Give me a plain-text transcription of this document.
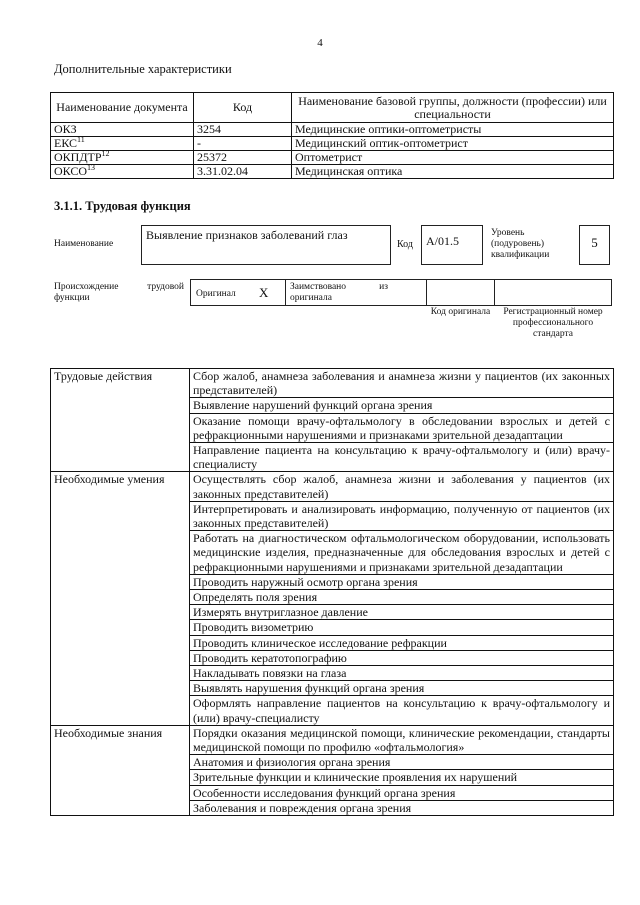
4
Дополнительные характеристики
Наименование документа	Код	Наименование базовой группы, должности (профессии) или специальности
ОКЗ	3254	Медицинские оптики-оптометристы
ЕКС$^{11}$	-	Медицинский оптик-оптометрист
ОКПДТР$^{12}$	25372	Оптометрист
ОКСО$^{13}$	3.31.02.04	Медицинская оптика
3.1.1. Трудовая функция
Наименование
Выявление признаков заболеваний глаз
Код	А/01.5
Уровень (подуровень) квалификации
5
Происхождение трудовой функции	Оригинал Х Заимствовано из оригинала
Код оригинала	Регистрационный номер профессионального стандарта
Трудовые действия	Сбор жалоб, анамнеза заболевания и анамнеза жизни у пациентов (их законных представителей)
	Выявление нарушений функций органа зрения
	Оказание помощи врачу-офтальмологу в обследовании взрослых и детей с рефракционными нарушениями и признаками зрительной дезадаптации
	Направление пациента на консультацию к врачу-офтальмологу и (или) врачу-специалисту
Необходимые умения	Осуществлять сбор жалоб, анамнеза жизни и заболевания у пациентов (их законных представителей)
	Интерпретировать и анализировать информацию, полученную от пациентов (их законных представителей)
	Работать на диагностическом офтальмологическом оборудовании, использовать медицинские изделия, предназначенные для обследования взрослых и детей с рефракционными нарушениями и признаками зрительной дезадаптации
	Проводить наружный осмотр органа зрения
	Определять поля зрения
	Измерять внутриглазное давление
	Проводить визометрию
	Проводить клиническое исследование рефракции
	Проводить кератотопографию
	Накладывать повязки на глаза
	Выявлять нарушения функций органа зрения
	Оформлять направление пациентов на консультацию к врачу-офтальмологу и (или) врачу-специалисту
Необходимые знания	Порядки оказания медицинской помощи, клинические рекомендации, стандарты медицинской помощи по профилю «офтальмология»
	Анатомия и физиология органа зрения
	Зрительные функции и клинические проявления их нарушений
	Особенности исследования функций органа зрения
	Заболевания и повреждения органа зрения
